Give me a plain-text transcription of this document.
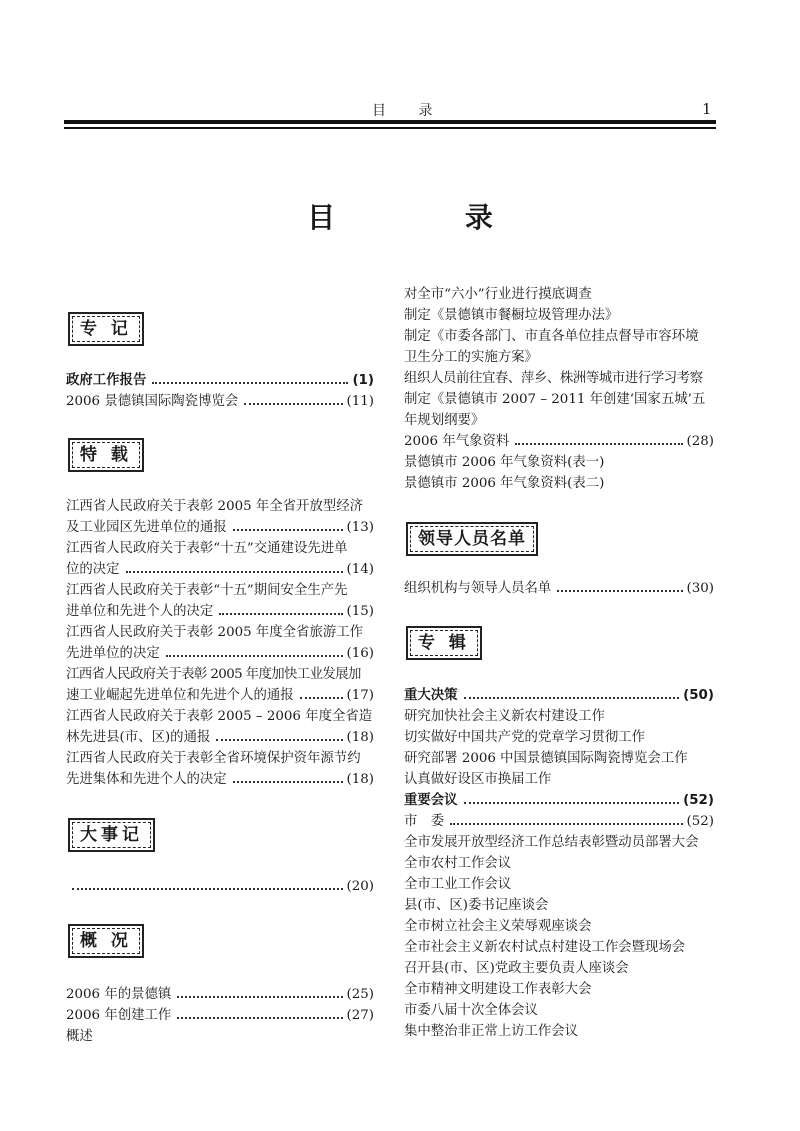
目 录	1
目 录
专 记
政府工作报告	(1)
2006 景德镇国际陶瓷博览会	(11)
特 载
江西省人民政府关于表彰 2005 年全省开放型经济
及工业园区先进单位的通报	(13)
江西省人民政府关于表彰“十五”交通建设先进单
位的决定	(14)
江西省人民政府关于表彰“十五”期间安全生产先
进单位和先进个人的决定	(15)
江西省人民政府关于表彰 2005 年度全省旅游工作
先进单位的决定	(16)
江西省人民政府关于表彰 2005 年度加快工业发展加
速工业崛起先进单位和先进个人的通报	(17)
江西省人民政府关于表彰 2005 – 2006 年度全省造
林先进县(市、区)的通报	(18)
江西省人民政府关于表彰全省环境保护资年源节约
先进集体和先进个人的决定	(18)
大事记
(20)
概 况
2006 年的景德镇	(25)
2006 年创建工作	(27)
概述
对全市“六小”行业进行摸底调查
制定《景德镇市餐橱垃圾管理办法》
制定《市委各部门、市直各单位挂点督导市容环境
卫生分工的实施方案》
组织人员前往宜春、萍乡、株洲等城市进行学习考察
制定《景德镇市 2007 – 2011 年创建‘国家五城’五
年规划纲要》
2006 年气象资料	(28)
景德镇市 2006 年气象资料(表一)
景德镇市 2006 年气象资料(表二)
领导人员名单
组织机构与领导人员名单	(30)
专 辑
重大决策	(50)
研究加快社会主义新农村建设工作
切实做好中国共产党的党章学习贯彻工作
研究部署 2006 中国景德镇国际陶瓷博览会工作
认真做好设区市换届工作
重要会议	(52)
市　委	(52)
全市发展开放型经济工作总结表彰暨动员部署大会
全市农村工作会议
全市工业工作会议
县(市、区)委书记座谈会
全市树立社会主义荣辱观座谈会
全市社会主义新农村试点村建设工作会暨现场会
召开县(市、区)党政主要负责人座谈会
全市精神文明建设工作表彰大会
市委八届十次全体会议
集中整治非正常上访工作会议
